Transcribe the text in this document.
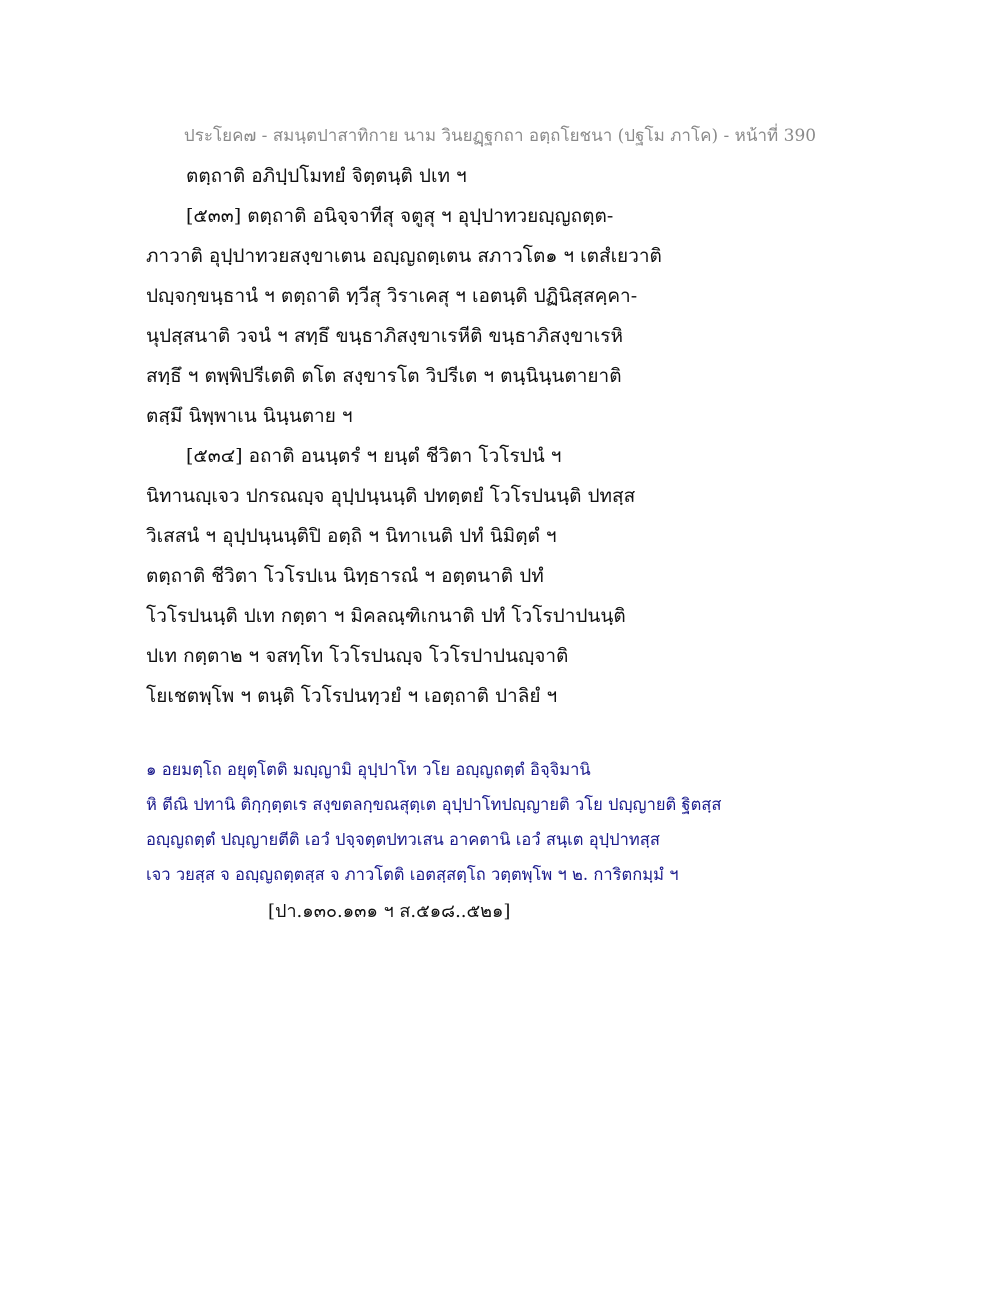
ประโยค๗ - สมนฺตปาสาทิกาย นาม วินยฏฺฐกถา อตฺถโยชนา (ปฐโม ภาโค) - หน้าที่ 390
ตตฺถาติ อภิปฺปโมทยํ จิตฺตนฺติ ปเท ฯ
[๕๓๓] ตตฺถาติ อนิจฺจาทีสุ จตูสุ ฯ อุปฺปาทวยญฺญถตฺต-
ภาวาติ อุปฺปาทวยสงฺขาเตน อญฺญถตฺเตน สภาวโต๑ ฯ เตสํเยวาติ
ปญฺจกฺขนฺธานํ ฯ ตตฺถาติ ทฺวีสุ วิราเคสุ ฯ เอตนฺติ ปฏินิสฺสคฺคา-
นุปสฺสนาติ วจนํ ฯ สทฺธึ ขนฺธาภิสงฺขาเรหีติ ขนฺธาภิสงฺขาเรหิ
สทฺธึ ฯ ตพฺพิปรีเตติ ตโต สงฺขารโต วิปรีเต ฯ ตนฺนินฺนตายาติ
ตสฺมึ นิพฺพาเน นินฺนตาย ฯ
[๕๓๔] อถาติ อนนฺตรํ ฯ ยนฺตํ ชีวิตา โวโรปนํ ฯ
นิทานญฺเจว ปกรณญฺจ อุปฺปนฺนนฺติ ปทตฺตยํ โวโรปนนฺติ ปทสฺส
วิเสสนํ ฯ อุปฺปนฺนนฺติปิ อตฺถิ ฯ นิทาเนติ ปทํ นิมิตฺตํ ฯ
ตตฺถาติ ชีวิตา โวโรปเน นิทฺธารณํ ฯ อตฺตนาติ ปทํ
โวโรปนนฺติ ปเท กตฺตา ฯ มิคลณฺฑิเกนาติ ปทํ โวโรปาปนนฺติ
ปเท กตฺตา๒ ฯ จสทฺโท โวโรปนญฺจ โวโรปาปนญฺจาติ
โยเชตพฺโพ ฯ ตนฺติ โวโรปนทฺวยํ ฯ เอตฺถาติ ปาลิยํ ฯ
๑ อยมตฺโถ อยุตฺโตติ มญฺญามิ อุปฺปาโท วโย อญฺญถตฺตํ อิจฺจิมานิ
หิ ตีณิ ปทานิ ติกฺกฺตฺตเร สงฺขตลกฺขณสุตฺเต อุปฺปาโทปญฺญายติ วโย ปญฺญายติ ฐิตสฺส
อญฺญถตฺตํ ปญฺญายตีติ เอวํ ปจฺจตฺตปทวเสน อาคตานิ เอวํ สนฺเต อุปฺปาทสฺส
เจว วยสฺส จ อญฺญถตฺตสฺส จ ภาวโตติ เอตสฺสตฺโถ วตฺตพฺโพ ฯ ๒. การิตกมฺมํ ฯ
[ปา.๑๓๐.๑๓๑ ฯ ส.๕๑๘..๕๒๑]
